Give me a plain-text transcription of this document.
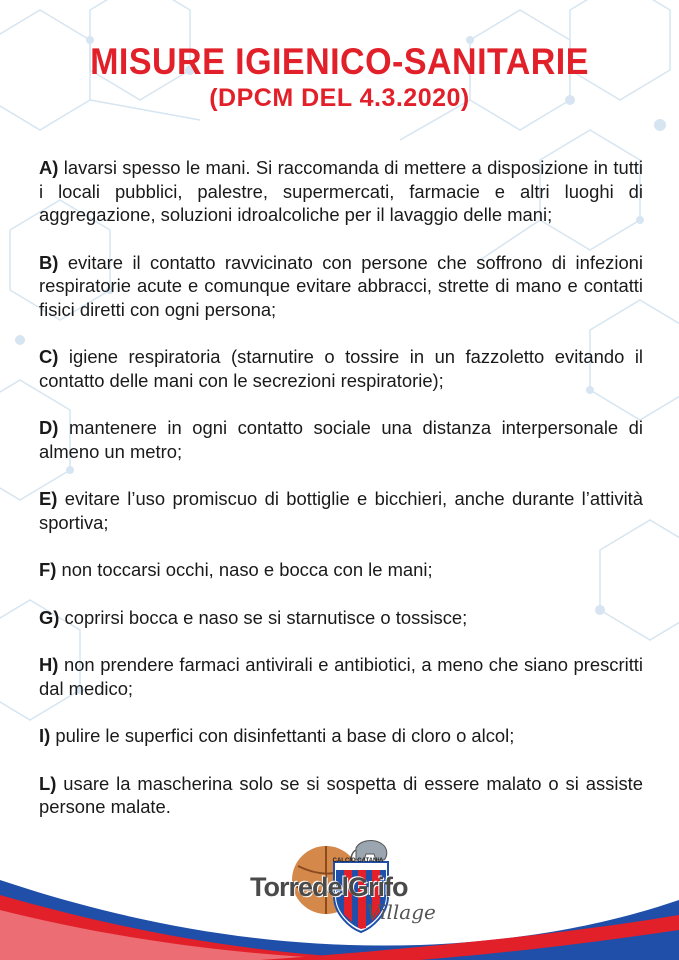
MISURE IGIENICO-SANITARIE
(DPCM DEL 4.3.2020)

A) lavarsi spesso le mani. Si raccomanda di mettere a disposizione in tutti i locali pubblici, palestre, supermercati, farmacie e altri luoghi di aggregazione, soluzioni idroalcoliche per il lavaggio delle mani;

B) evitare il contatto ravvicinato con persone che soffrono di infezioni respiratorie acute e comunque evitare abbracci, strette di mano e contatti fisici diretti con ogni persona;

C) igiene respiratoria (starnutire o tossire in un fazzoletto evitando il contatto delle mani con le secrezioni respiratorie);

D) mantenere in ogni contatto sociale una distanza interpersonale di almeno un metro;

E) evitare l’uso promiscuo di bottiglie e bicchieri, anche durante l’attività sportiva;

F) non toccarsi occhi, naso e bocca con le mani;

G) coprirsi bocca e naso se si starnutisce o tossisce;

H) non prendere farmaci antivirali e antibiotici, a meno che siano prescritti dal medico;

I) pulire le superfici con disinfettanti a base di cloro o alcol;

L) usare la mascherina solo se si sospetta di essere malato o si assiste persone malate.

CALCIO CATANIA
TorredelGrifo
Village
